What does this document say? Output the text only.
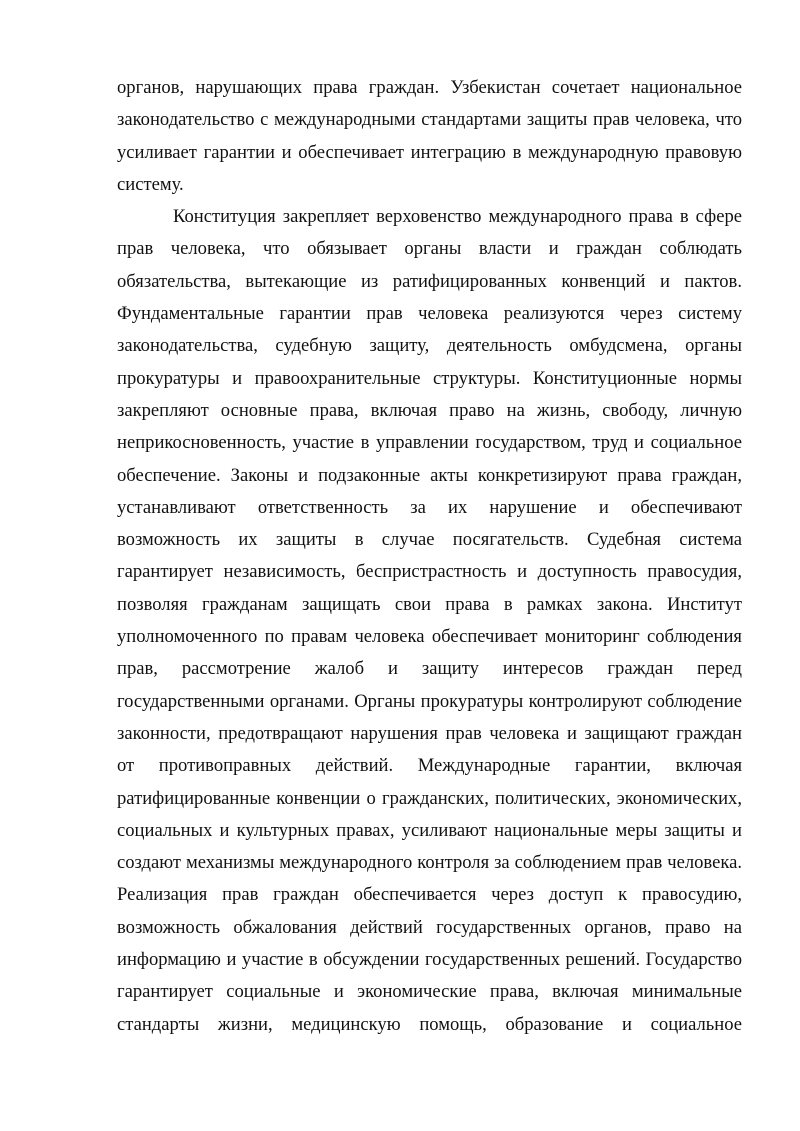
органов, нарушающих права граждан. Узбекистан сочетает национальное законодательство с международными стандартами защиты прав человека, что усиливает гарантии и обеспечивает интеграцию в международную правовую систему.

Конституция закрепляет верховенство международного права в сфере прав человека, что обязывает органы власти и граждан соблюдать обязательства, вытекающие из ратифицированных конвенций и пактов. Фундаментальные гарантии прав человека реализуются через систему законодательства, судебную защиту, деятельность омбудсмена, органы прокуратуры и правоохранительные структуры. Конституционные нормы закрепляют основные права, включая право на жизнь, свободу, личную неприкосновенность, участие в управлении государством, труд и социальное обеспечение. Законы и подзаконные акты конкретизируют права граждан, устанавливают ответственность за их нарушение и обеспечивают возможность их защиты в случае посягательств. Судебная система гарантирует независимость, беспристрастность и доступность правосудия, позволяя гражданам защищать свои права в рамках закона. Институт уполномоченного по правам человека обеспечивает мониторинг соблюдения прав, рассмотрение жалоб и защиту интересов граждан перед государственными органами. Органы прокуратуры контролируют соблюдение законности, предотвращают нарушения прав человека и защищают граждан от противоправных действий. Международные гарантии, включая ратифицированные конвенции о гражданских, политических, экономических, социальных и культурных правах, усиливают национальные меры защиты и создают механизмы международного контроля за соблюдением прав человека. Реализация прав граждан обеспечивается через доступ к правосудию, возможность обжалования действий государственных органов, право на информацию и участие в обсуждении государственных решений. Государство гарантирует социальные и экономические права, включая минимальные стандарты жизни, медицинскую помощь, образование и социальное
